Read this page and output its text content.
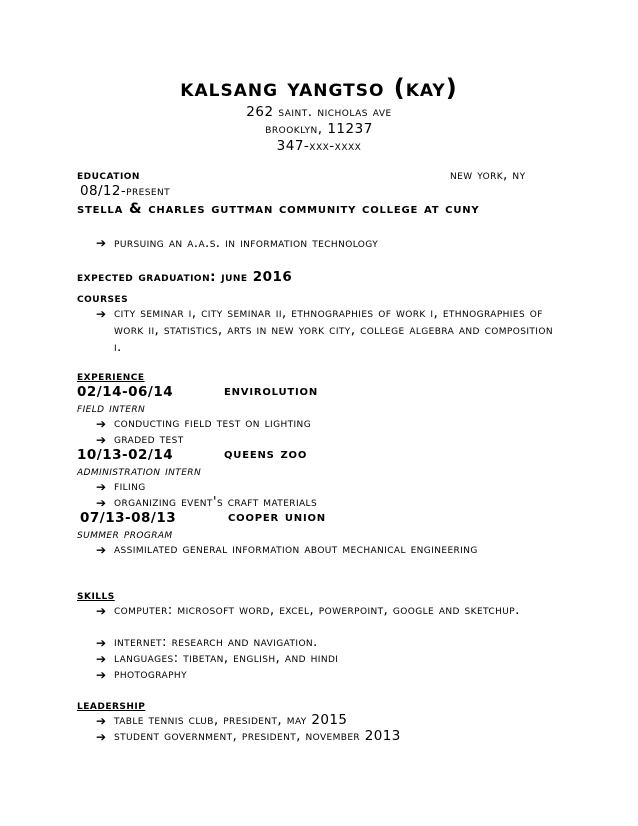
kalsang yangtso (kay)
262 saint. nicholas ave
brooklyn, 11237
347-xxx-xxxx
education	new york, ny
08/12-present
stella & charles guttman community college at cuny
➔ pursuing an a.a.s. in information technology
expected graduation: june 2016
courses
➔ city seminar i, city seminar ii, ethnographies of work i, ethnographies of work ii, statistics, arts in new york city, college algebra and composition i.
experience
02/14-06/14	envirolution
field intern
➔ conducting field test on lighting
➔ graded test
10/13-02/14	queens zoo
administration intern
➔ filing
➔ organizing event's craft materials
07/13-08/13	cooper union
summer program
➔ assimilated general information about mechanical engineering
skills
➔ computer: microsoft word, excel, powerpoint, google and sketchup.
➔ internet: research and navigation.
➔ languages: tibetan, english, and hindi
➔ photography
leadership
➔ table tennis club, president, may 2015
➔ student government, president, november 2013
